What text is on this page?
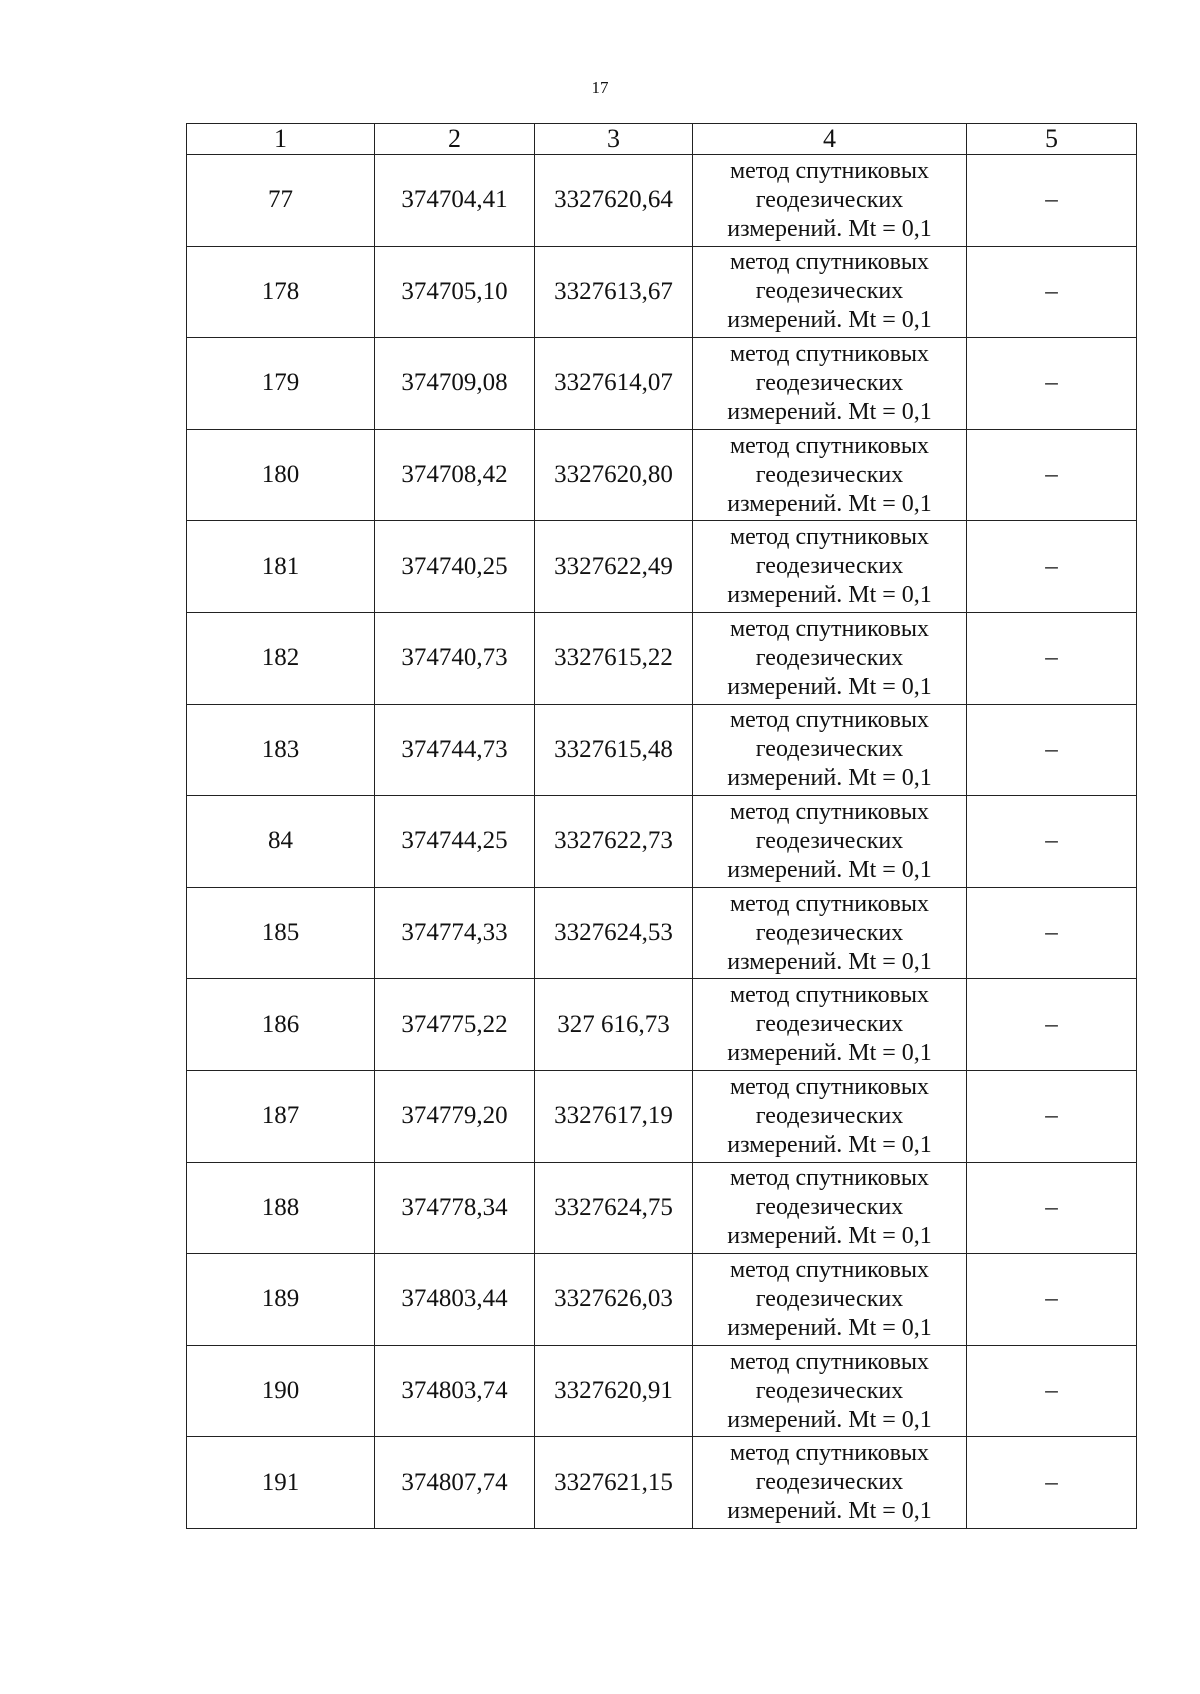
17
1	2	3	4	5
77	374704,41	3327620,64	метод спутниковых
геодезических
измерений. Mt = 0,1	–
178	374705,10	3327613,67	метод спутниковых
геодезических
измерений. Mt = 0,1	–
179	374709,08	3327614,07	метод спутниковых
геодезических
измерений. Mt = 0,1	–
180	374708,42	3327620,80	метод спутниковых
геодезических
измерений. Mt = 0,1	–
181	374740,25	3327622,49	метод спутниковых
геодезических
измерений. Mt = 0,1	–
182	374740,73	3327615,22	метод спутниковых
геодезических
измерений. Mt = 0,1	–
183	374744,73	3327615,48	метод спутниковых
геодезических
измерений. Mt = 0,1	–
84	374744,25	3327622,73	метод спутниковых
геодезических
измерений. Mt = 0,1	–
185	374774,33	3327624,53	метод спутниковых
геодезических
измерений. Mt = 0,1	–
186	374775,22	327 616,73	метод спутниковых
геодезических
измерений. Mt = 0,1	–
187	374779,20	3327617,19	метод спутниковых
геодезических
измерений. Mt = 0,1	–
188	374778,34	3327624,75	метод спутниковых
геодезических
измерений. Mt = 0,1	–
189	374803,44	3327626,03	метод спутниковых
геодезических
измерений. Mt = 0,1	–
190	374803,74	3327620,91	метод спутниковых
геодезических
измерений. Mt = 0,1	–
191	374807,74	3327621,15	метод спутниковых
геодезических
измерений. Mt = 0,1	–
